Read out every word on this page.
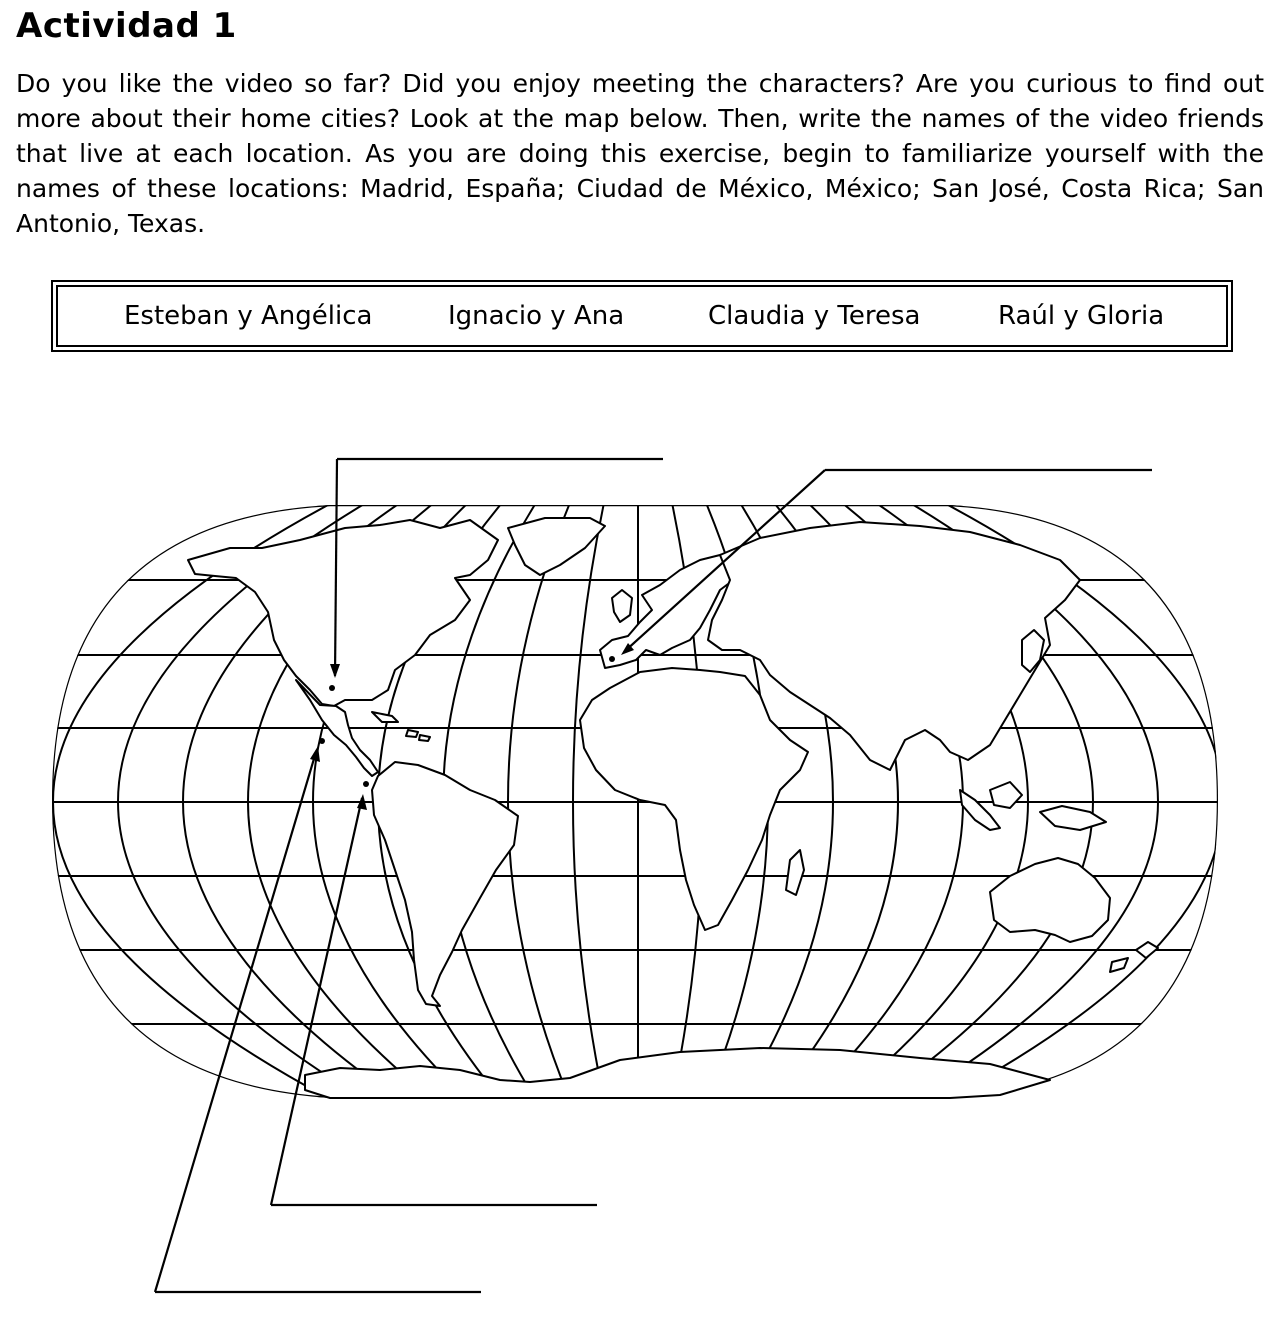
Actividad 1

Do you like the video so far? Did you enjoy meeting the characters? Are you curious to find out more about their home cities? Look at the map below. Then, write the names of the video friends that live at each location. As you are doing this exercise, begin to familiarize yourself with the names of these locations: Madrid, España; Ciudad de México, México; San José, Costa Rica; San Antonio, Texas.

Esteban y Angélica	Ignacio y Ana	Claudia y Teresa	Raúl y Gloria
